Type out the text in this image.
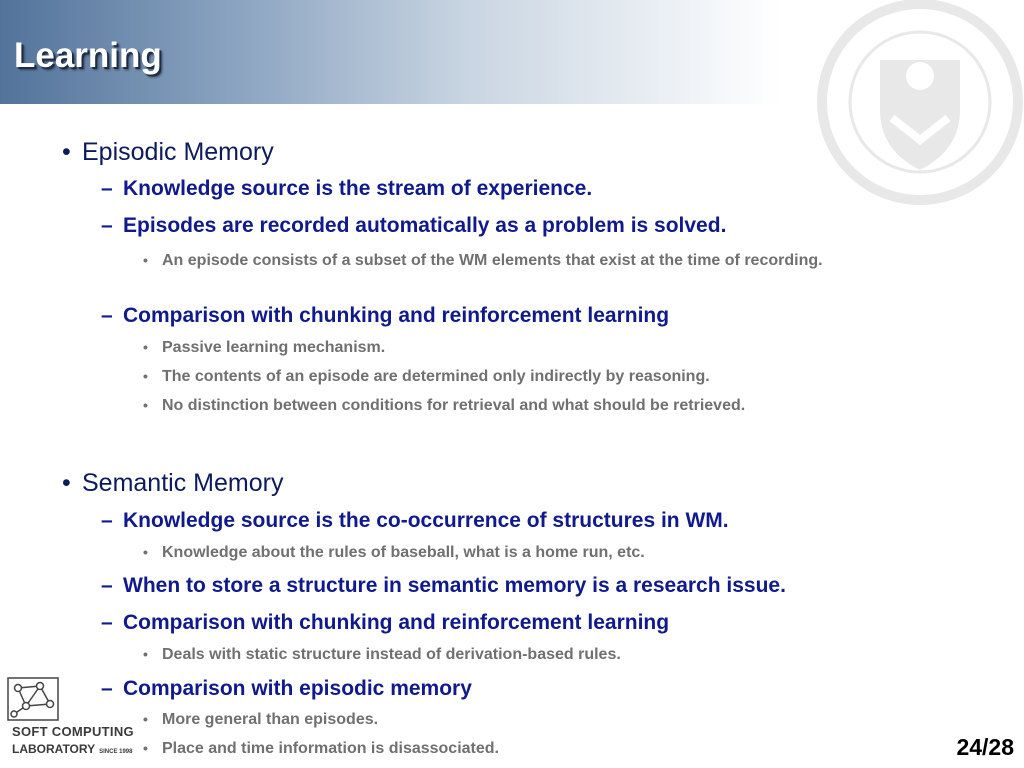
Learning
• Episodic Memory
– Knowledge source is the stream of experience.
– Episodes are recorded automatically as a problem is solved.
• An episode consists of a subset of the WM elements that exist at the time of recording.
– Comparison with chunking and reinforcement learning
• Passive learning mechanism.
• The contents of an episode are determined only indirectly by reasoning.
• No distinction between conditions for retrieval and what should be retrieved.
• Semantic Memory
– Knowledge source is the co-occurrence of structures in WM.
• Knowledge about the rules of baseball, what is a home run, etc.
– When to store a structure in semantic memory is a research issue.
– Comparison with chunking and reinforcement learning
• Deals with static structure instead of derivation-based rules.
– Comparison with episodic memory
• More general than episodes.
• Place and time information is disassociated.
SOFT COMPUTING
LABORATORY SINCE 1998	24/28
